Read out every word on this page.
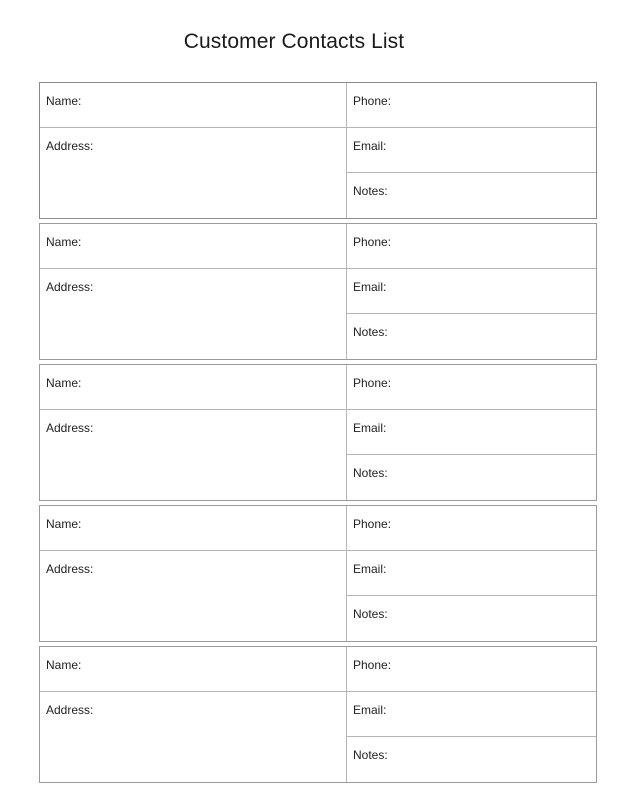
Customer Contacts List
Name:	Phone:
Address:	Email:
Notes:
Name:	Phone:
Address:	Email:
Notes:
Name:	Phone:
Address:	Email:
Notes:
Name:	Phone:
Address:	Email:
Notes:
Name:	Phone:
Address:	Email:
Notes:
